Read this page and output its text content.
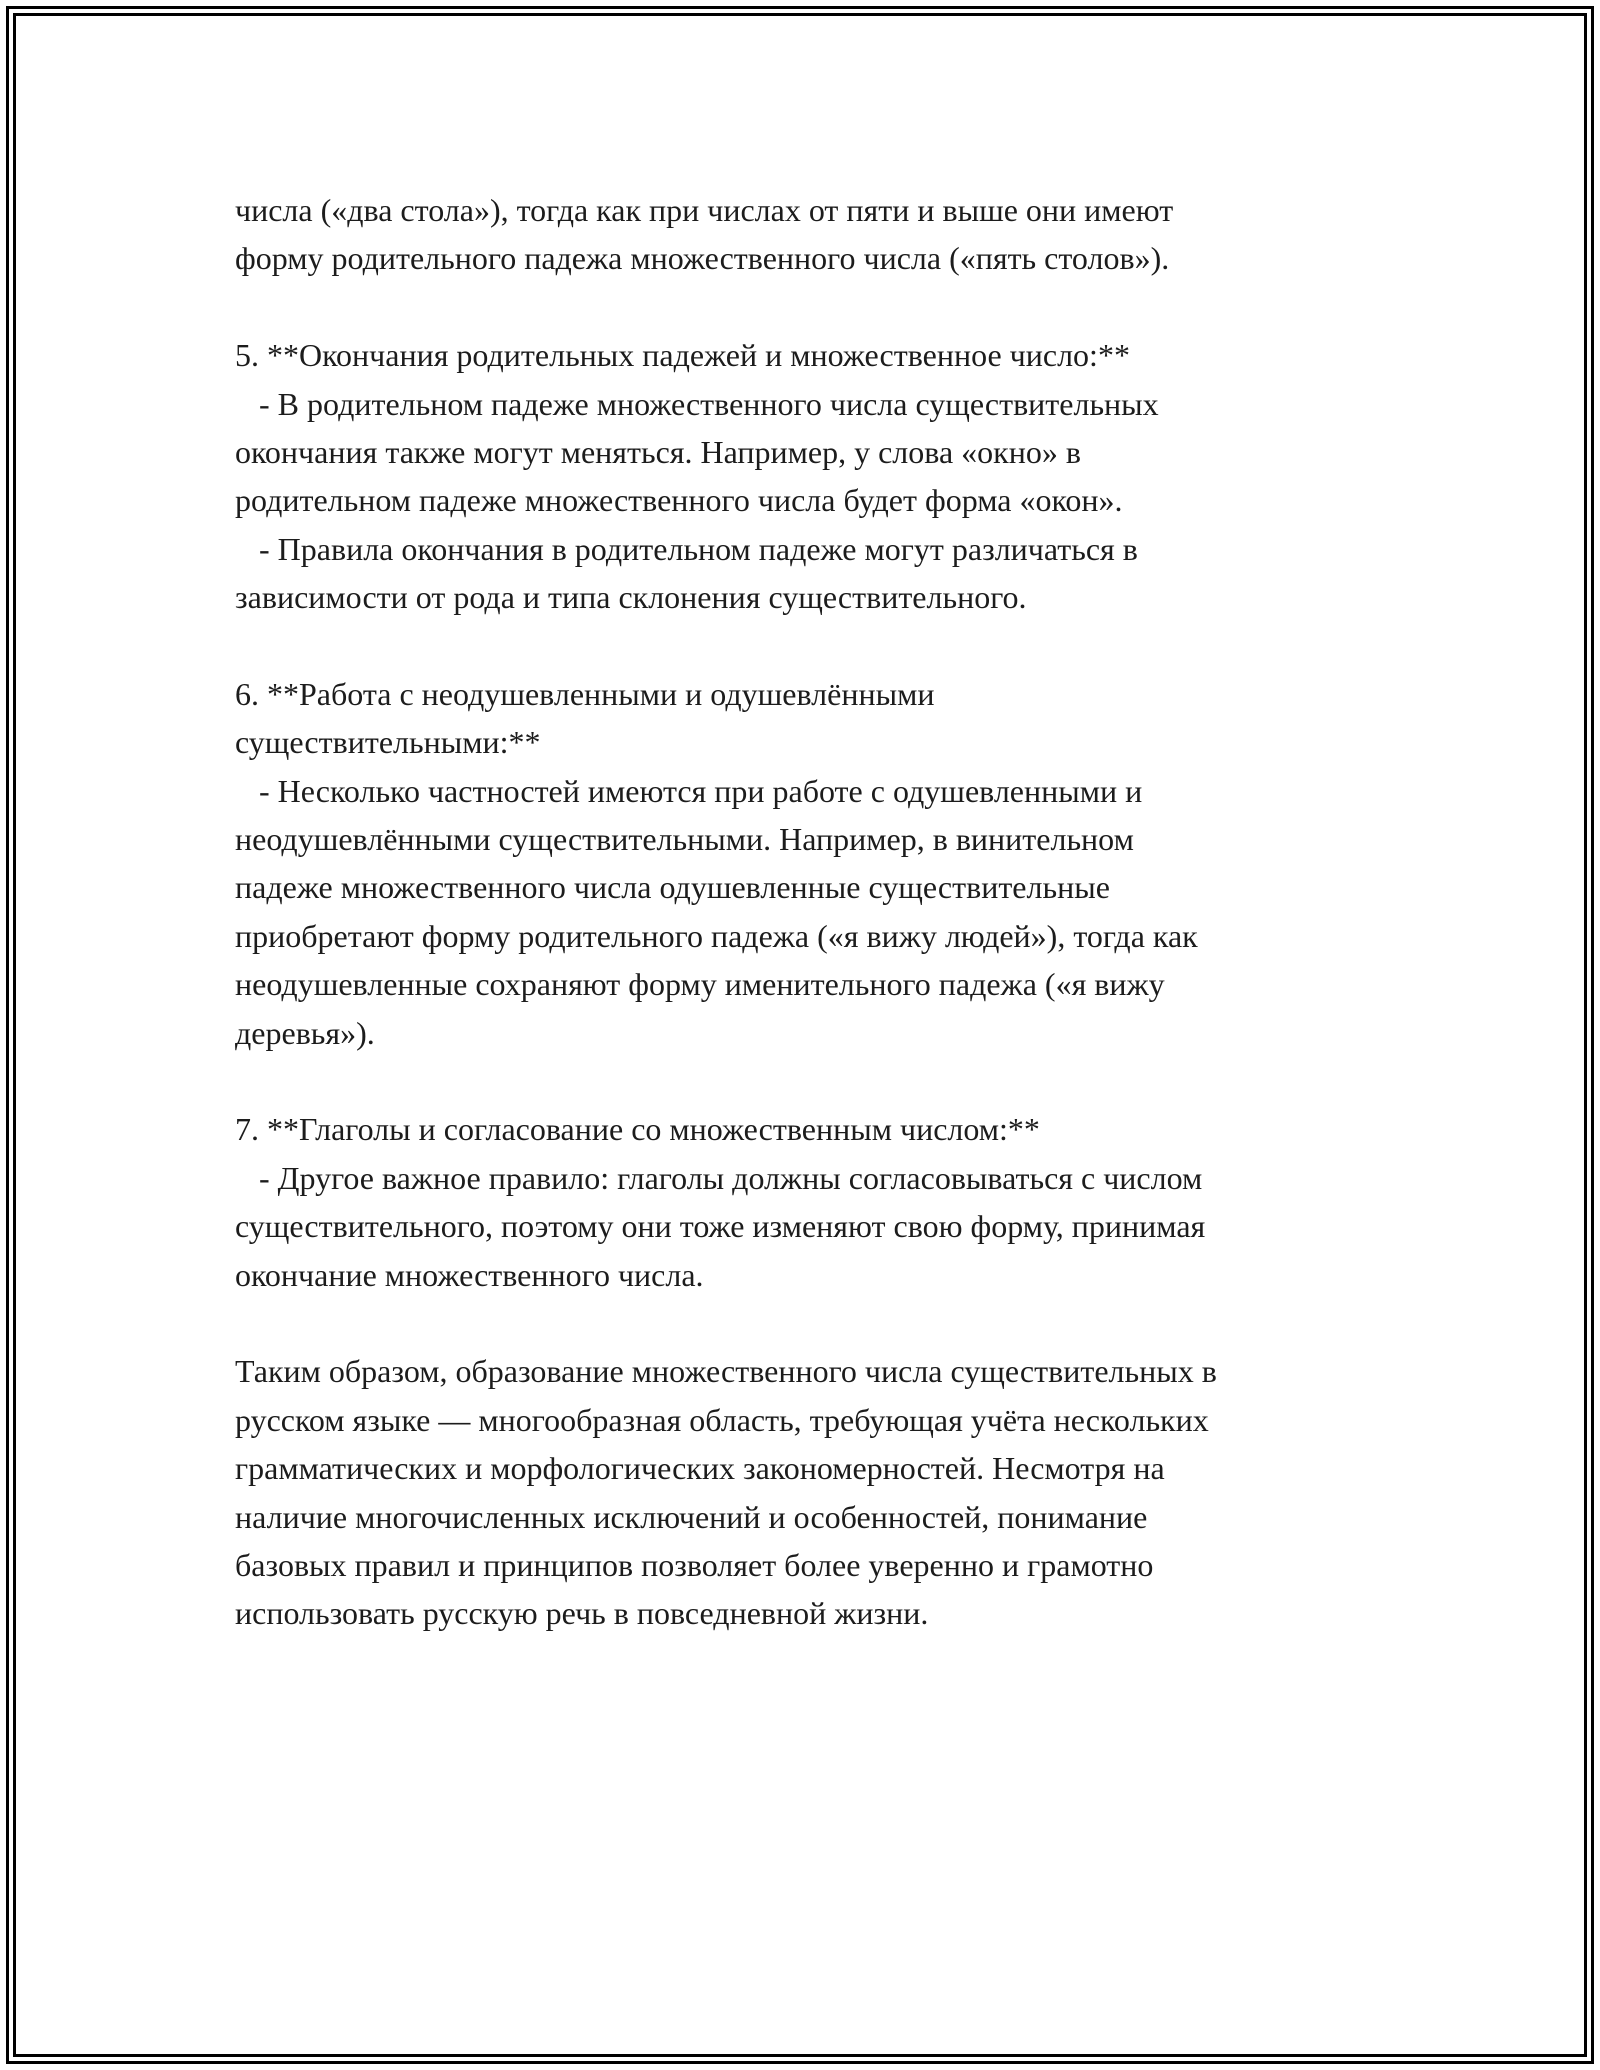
числа («два стола»), тогда как при числах от пяти и выше они имеют
форму родительного падежа множественного числа («пять столов»).
5. **Окончания родительных падежей и множественное число:**
- В родительном падеже множественного числа существительных
окончания также могут меняться. Например, у слова «окно» в
родительном падеже множественного числа будет форма «окон».
- Правила окончания в родительном падеже могут различаться в
зависимости от рода и типа склонения существительного.
6. **Работа с неодушевленными и одушевлёнными
существительными:**
- Несколько частностей имеются при работе с одушевленными и
неодушевлёнными существительными. Например, в винительном
падеже множественного числа одушевленные существительные
приобретают форму родительного падежа («я вижу людей»), тогда как
неодушевленные сохраняют форму именительного падежа («я вижу
деревья»).
7. **Глаголы и согласование со множественным числом:**
- Другое важное правило: глаголы должны согласовываться с числом
существительного, поэтому они тоже изменяют свою форму, принимая
окончание множественного числа.
Таким образом, образование множественного числа существительных в
русском языке — многообразная область, требующая учёта нескольких
грамматических и морфологических закономерностей. Несмотря на
наличие многочисленных исключений и особенностей, понимание
базовых правил и принципов позволяет более уверенно и грамотно
использовать русскую речь в повседневной жизни.
